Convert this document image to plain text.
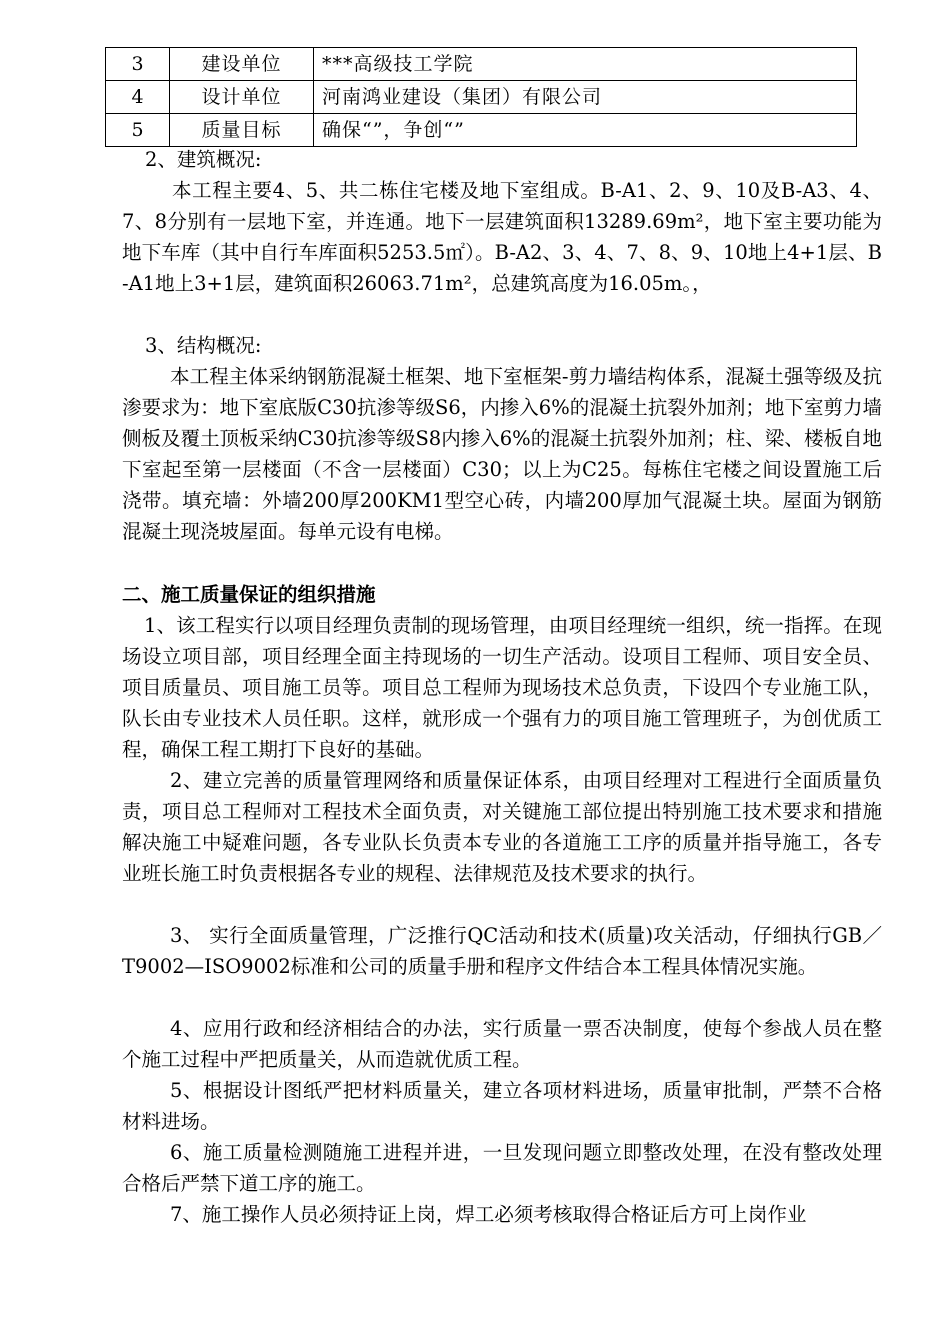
3	建设单位	***高级技工学院
4	设计单位	河南鸿业建设（集团）有限公司
5	质量目标	确保“”，争创“”
2、建筑概况:
本工程主要4、5、共二栋住宅楼及地下室组成。B-A1、2、9、10及B-A3、4、7、8分别有一层地下室，并连通。地下一层建筑面积13289.69m²，地下室主要功能为地下车库（其中自行车库面积5253.5㎡）。B-A2、3、4、7、8、9、10地上4+1层、B-A1地上3+1层，建筑面积26063.71m²，总建筑高度为16.05m。，
3、结构概况:
本工程主体采纳钢筋混凝土框架、地下室框架-剪力墙结构体系，混凝土强等级及抗渗要求为：地下室底版C30抗渗等级S6，内掺入6%的混凝土抗裂外加剂；地下室剪力墙侧板及覆土顶板采纳C30抗渗等级S8内掺入6%的混凝土抗裂外加剂；柱、梁、楼板自地下室起至第一层楼面（不含一层楼面）C30；以上为C25。每栋住宅楼之间设置施工后浇带。填充墙：外墙200厚200KM1型空心砖，内墙200厚加气混凝土块。屋面为钢筋混凝土现浇坡屋面。每单元设有电梯。
二、施工质量保证的组织措施
1、该工程实行以项目经理负责制的现场管理，由项目经理统一组织，统一指挥。在现场设立项目部，项目经理全面主持现场的一切生产活动。设项目工程师、项目安全员、项目质量员、项目施工员等。项目总工程师为现场技术总负责，下设四个专业施工队，队长由专业技术人员任职。这样，就形成一个强有力的项目施工管理班子，为创优质工程，确保工程工期打下良好的基础。
2、建立完善的质量管理网络和质量保证体系，由项目经理对工程进行全面质量负责，项目总工程师对工程技术全面负责，对关键施工部位提出特别施工技术要求和措施解决施工中疑难问题，各专业队长负责本专业的各道施工工序的质量并指导施工，各专业班长施工时负责根据各专业的规程、法律规范及技术要求的执行。
3、 实行全面质量管理，广泛推行QC活动和技术(质量)攻关活动，仔细执行GB／T9002—ISO9002标准和公司的质量手册和程序文件结合本工程具体情况实施。
4、应用行政和经济相结合的办法，实行质量一票否决制度，使每个参战人员在整个施工过程中严把质量关，从而造就优质工程。
5、根据设计图纸严把材料质量关，建立各项材料进场，质量审批制，严禁不合格材料进场。
6、施工质量检测随施工进程并进，一旦发现问题立即整改处理，在没有整改处理合格后严禁下道工序的施工。
7、施工操作人员必须持证上岗，焊工必须考核取得合格证后方可上岗作业
